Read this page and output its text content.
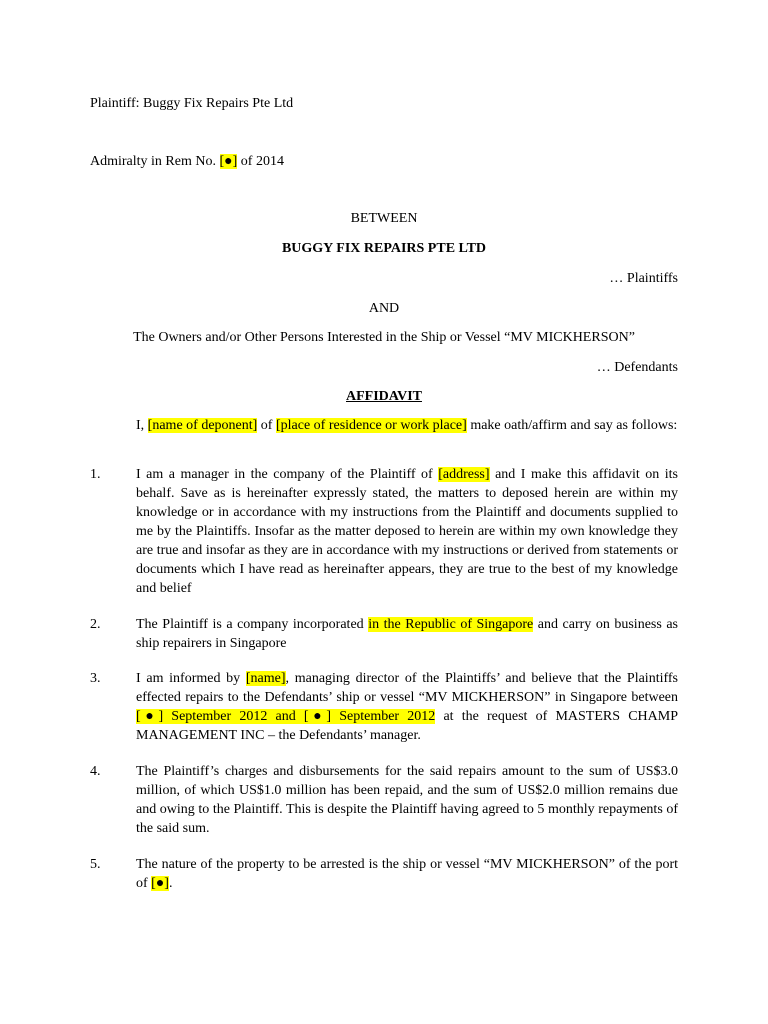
Plaintiff: Buggy Fix Repairs Pte Ltd
Admiralty in Rem No. [●] of 2014
BETWEEN
BUGGY FIX REPAIRS PTE LTD
… Plaintiffs
AND
The Owners and/or Other Persons Interested in the Ship or Vessel “MV MICKHERSON”
… Defendants
AFFIDAVIT
I, [name of deponent] of [place of residence or work place] make oath/affirm and say as follows:
1.	I am a manager in the company of the Plaintiff of [address] and I make this affidavit on its behalf. Save as is hereinafter expressly stated, the matters to deposed herein are within my knowledge or in accordance with my instructions from the Plaintiff and documents supplied to me by the Plaintiffs. Insofar as the matter deposed to herein are within my own knowledge they are true and insofar as they are in accordance with my instructions or derived from statements or documents which I have read as hereinafter appears, they are true to the best of my knowledge and belief
2.	The Plaintiff is a company incorporated in the Republic of Singapore and carry on business as ship repairers in Singapore
3.	I am informed by [name], managing director of the Plaintiffs’ and believe that the Plaintiffs effected repairs to the Defendants’ ship or vessel “MV MICKHERSON” in Singapore between [●] September 2012 and [●] September 2012 at the request of MASTERS CHAMP MANAGEMENT INC – the Defendants’ manager.
4.	The Plaintiff’s charges and disbursements for the said repairs amount to the sum of US$3.0 million, of which US$1.0 million has been repaid, and the sum of US$2.0 million remains due and owing to the Plaintiff. This is despite the Plaintiff having agreed to 5 monthly repayments of the said sum.
5.	The nature of the property to be arrested is the ship or vessel “MV MICKHERSON” of the port of [●].
